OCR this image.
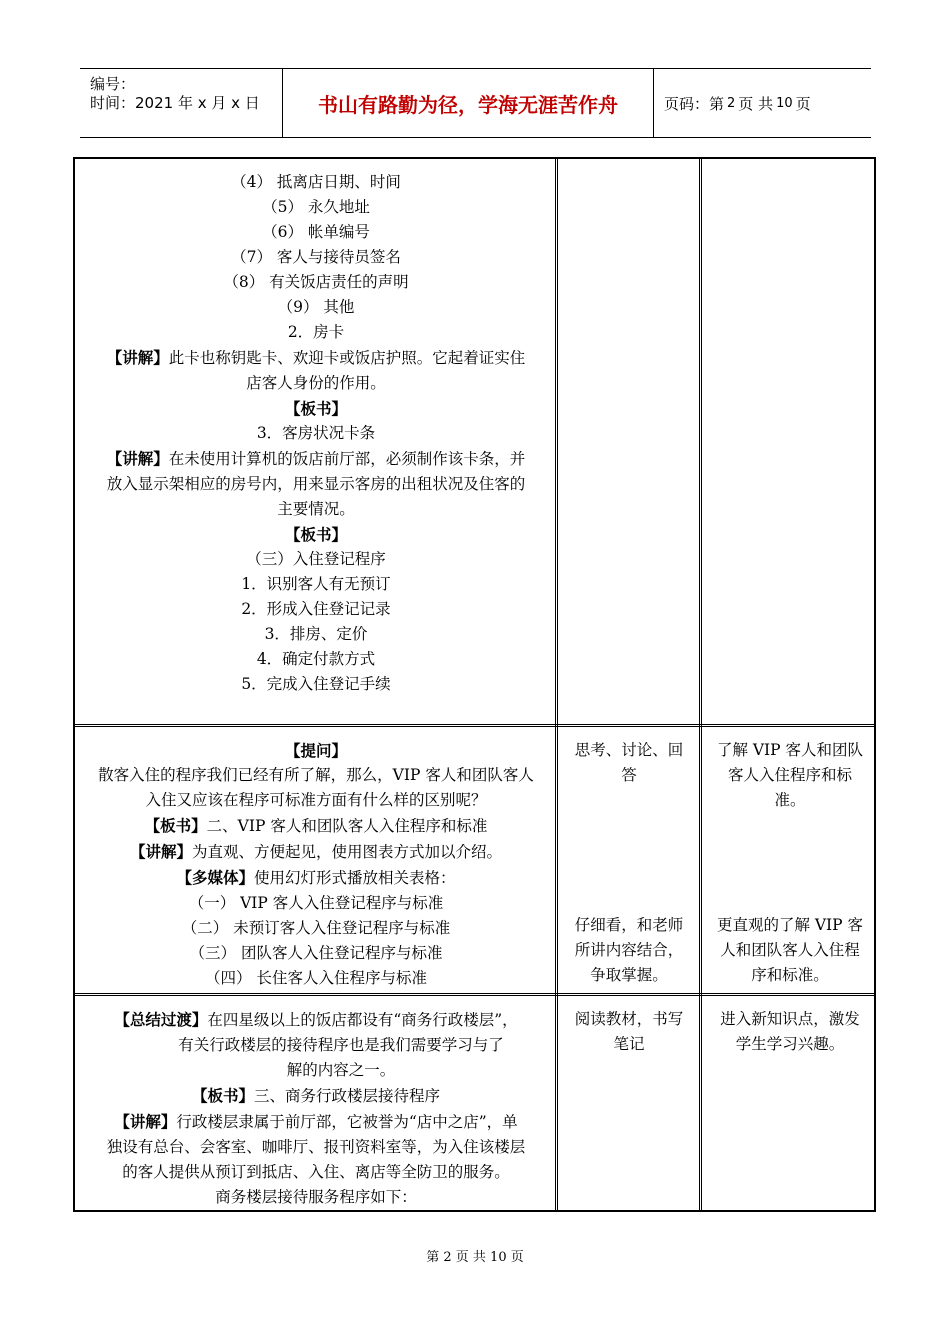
编号：
时间：2021 年 x 月 x 日	书山有路勤为径，学海无涯苦作舟	页码：第 2 页 共 10 页

（4） 抵离店日期、时间

（5） 永久地址

（6） 帐单编号

（7） 客人与接待员签名

（8） 有关饭店责任的声明

（9） 其他

2．房卡

【讲解】此卡也称钥匙卡、欢迎卡或饭店护照。它起着证实住

店客人身份的作用。

【板书】

3．客房状况卡条

【讲解】在未使用计算机的饭店前厅部，必须制作该卡条，并

放入显示架相应的房号内，用来显示客房的出租状况及住客的

主要情况。

【板书】

（三）入住登记程序

1．识别客人有无预订

2．形成入住登记记录

3．排房、定价

4．确定付款方式

5．完成入住登记手续

【提问】

散客入住的程序我们已经有所了解，那么，VIP 客人和团队客人

入住又应该在程序可标准方面有什么样的区别呢？

【板书】二、VIP 客人和团队客人入住程序和标准

【讲解】为直观、方便起见，使用图表方式加以介绍。

【多媒体】使用幻灯形式播放相关表格：

（一） VIP 客人入住登记程序与标准

（二） 未预订客人入住登记程序与标准

（三） 团队客人入住登记程序与标准

（四） 长住客人入住程序与标准

思考、讨论、回

答

仔细看，和老师

所讲内容结合，

争取掌握。

了解 VIP 客人和团队

客人入住程序和标

准。

更直观的了解 VIP 客

人和团队客人入住程

序和标准。

【总结过渡】在四星级以上的饭店都设有“商务行政楼层”，

有关行政楼层的接待程序也是我们需要学习与了

解的内容之一。

【板书】三、商务行政楼层接待程序

【讲解】行政楼层隶属于前厅部，它被誉为“店中之店”，单

独设有总台、会客室、咖啡厅、报刊资料室等，为入住该楼层

的客人提供从预订到抵店、入住、离店等全防卫的服务。

商务楼层接待服务程序如下：

阅读教材，书写

笔记

进入新知识点，激发

学生学习兴趣。

第 2 页 共 10 页
